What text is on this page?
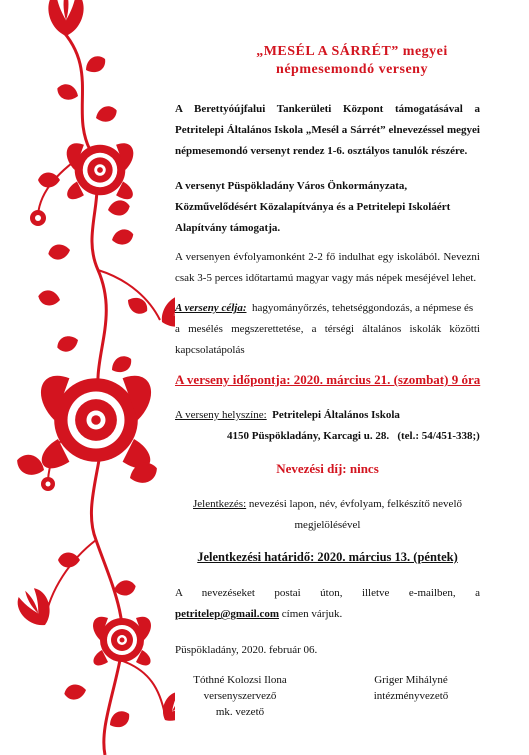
„MESÉL A SÁRRÉT” megyei
népmesemondó verseny
A Berettyóújfalui Tankerületi Központ támogatásával a
Petritelepi Általános Iskola „Mesél a Sárrét” elnevezéssel megyei
népmesemondó versenyt rendez 1-6. osztályos tanulók részére.
A versenyt Püspökladány Város Önkormányzata,
Közművelődésért Közalapítványa és a Petritelepi Iskoláért
Alapítvány támogatja.
A versenyen évfolyamonként 2-2 fő indulhat egy iskolából. Nevezni
csak 3-5 perces időtartamú magyar vagy más népek meséjével lehet.
A verseny célja: hagyományőrzés, tehetséggondozás, a népmese és
a mesélés megszerettetése, a térségi általános iskolák közötti
kapcsolatápolás
A verseny időpontja: 2020. március 21. (szombat) 9 óra
A verseny helyszíne: Petritelepi Általános Iskola
4150 Püspökladány, Karcagi u. 28. (tel.: 54/451-338;)
Nevezési díj: nincs
Jelentkezés: nevezési lapon, név, évfolyam, felkészítő nevelő
megjelölésével
Jelentkezési határidő: 2020. március 13. (péntek)
A nevezéseket postai úton, illetve e-mailben, a
petritelep@gmail.com címen várjuk.
Püspökladány, 2020. február 06.
Tóthné Kolozsi Ilona
versenyszervező
mk. vezető
Griger Mihályné
intézményvezető
